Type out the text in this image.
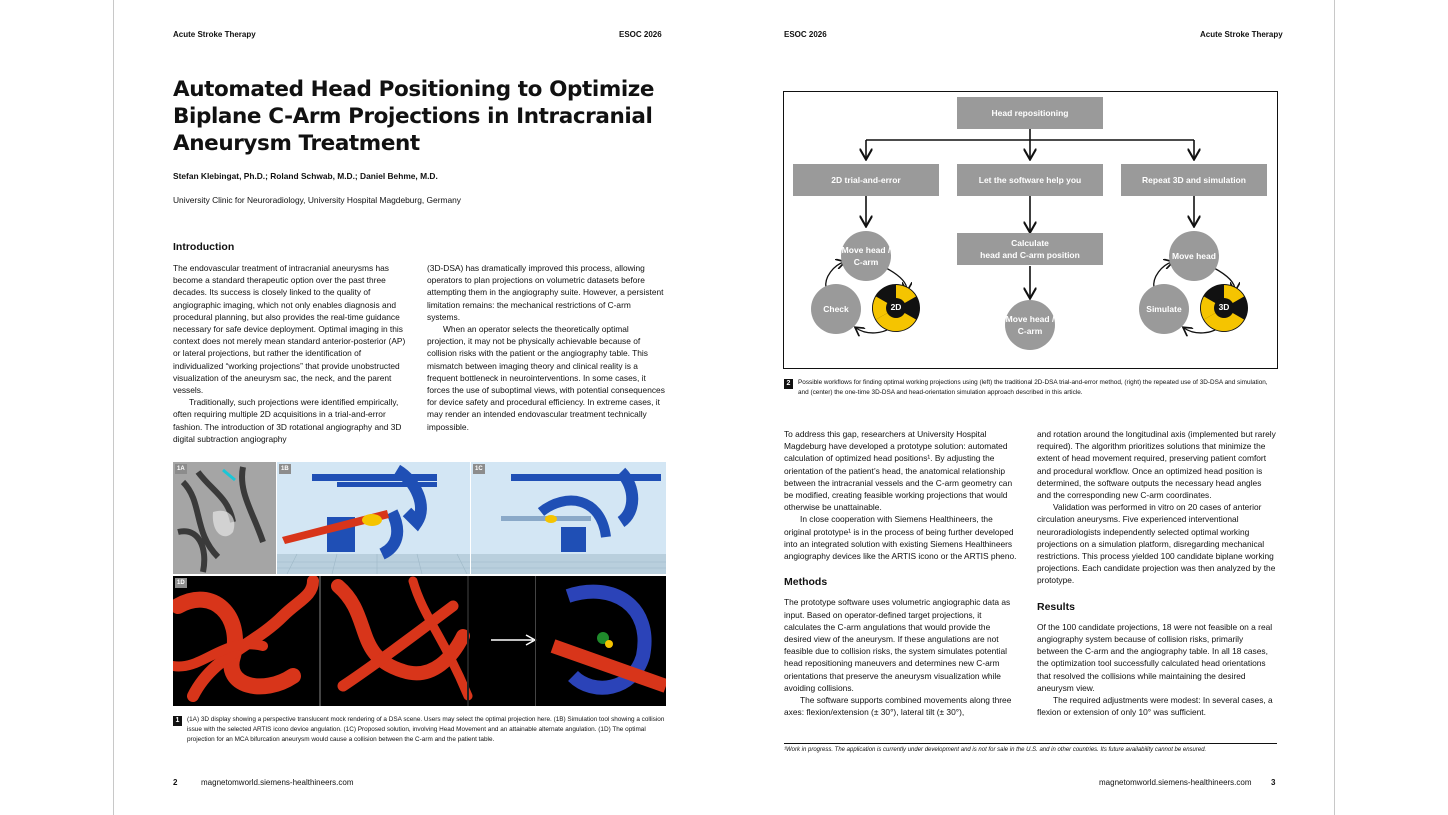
Acute Stroke Therapy	ESOC 2026
Automated Head Positioning to Optimize
Biplane C-Arm Projections in Intracranial
Aneurysm Treatment
Stefan Klebingat, Ph.D.; Roland Schwab, M.D.; Daniel Behme, M.D.
University Clinic for Neuroradiology, University Hospital Magdeburg, Germany
Introduction

The endovascular treatment of intracranial aneurysms has become a standard therapeutic option over the past three decades. Its success is closely linked to the quality of angiographic imaging, which not only enables diagnosis and procedural planning, but also provides the real-time guidance necessary for safe device deployment. Optimal imaging in this context does not merely mean standard anterior-posterior (AP) or lateral projections, but rather the identification of individualized “working projections” that provide unobstructed visualization of the aneurysm sac, the neck, and the parent vessels.

Traditionally, such projections were identified empirically, often requiring multiple 2D acquisitions in a trial-and-error fashion. The introduction of 3D rotational angiography and 3D digital subtraction angiography

(3D-DSA) has dramatically improved this process, allowing operators to plan projections on volumetric datasets before attempting them in the angiography suite. However, a persistent limitation remains: the mechanical restrictions of C-arm systems.

When an operator selects the theoretically optimal projection, it may not be physically achievable because of collision risks with the patient or the angiography table. This mismatch between imaging theory and clinical reality is a frequent bottleneck in neurointerventions. In some cases, it forces the use of suboptimal views, with potential consequences for device safety and procedural efficiency. In extreme cases, it may render an intended endovascular treatment technically impossible.

1A	1B	1C
1D
1	(1A) 3D display showing a perspective translucent mock rendering of a DSA scene. Users may select the optimal projection here. (1B) Simulation tool showing a collision issue with the selected ARTIS icono device angulation. (1C) Proposed solution, involving Head Movement and an attainable alternate angulation. (1D) The optimal projection for an MCA bifurcation aneurysm would cause a collision between the C-arm and the patient table.
2	magnetomworld.siemens-healthineers.com
ESOC 2026	Acute Stroke Therapy
Head repositioning
2D trial-and-error	Let the software help you	Repeat 3D and simulation
Move head / C-arm
Check	2D
Calculate
head and C-arm position
Move head / C-arm
Move head
Simulate	3D
2	Possible workflows for finding optimal working projections using (left) the traditional 2D-DSA trial-and-error method, (right) the repeated use of 3D-DSA and simulation, and (center) the one-time 3D-DSA and head-orientation simulation approach described in this article.

To address this gap, researchers at University Hospital Magdeburg have developed a prototype solution: automated calculation of optimized head positions¹. By adjusting the orientation of the patient’s head, the anatomical relationship between the intracranial vessels and the C-arm geometry can be modified, creating feasible working projections that would otherwise be unattainable.

In close cooperation with Siemens Healthineers, the original prototype¹ is in the process of being further developed into an integrated solution with existing Siemens Healthineers angiography devices like the ARTIS icono or the ARTIS pheno.

Methods

The prototype software uses volumetric angiographic data as input. Based on operator-defined target projections, it calculates the C-arm angulations that would provide the desired view of the aneurysm. If these angulations are not feasible due to collision risks, the system simulates potential head repositioning maneuvers and determines new C-arm orientations that preserve the aneurysm visualization while avoiding collisions.

The software supports combined movements along three axes: flexion/extension (± 30°), lateral tilt (± 30°),

and rotation around the longitudinal axis (implemented but rarely required). The algorithm prioritizes solutions that minimize the extent of head movement required, preserving patient comfort and procedural workflow. Once an optimized head position is determined, the software outputs the necessary head angles and the corresponding new C-arm coordinates.

Validation was performed in vitro on 20 cases of anterior circulation aneurysms. Five experienced interventional neuroradiologists independently selected optimal working projections on a simulation platform, disregarding mechanical restrictions. This process yielded 100 candidate biplane working projections. Each candidate projection was then analyzed by the prototype.

Results

Of the 100 candidate projections, 18 were not feasible on a real angiography system because of collision risks, primarily between the C-arm and the angiography table. In all 18 cases, the optimization tool successfully calculated head orientations that resolved the collisions while maintaining the desired aneurysm view.

The required adjustments were modest: In several cases, a flexion or extension of only 10° was sufficient.

¹Work in progress. The application is currently under development and is not for sale in the U.S. and in other countries. Its future availability cannot be ensured.
magnetomworld.siemens-healthineers.com 3
